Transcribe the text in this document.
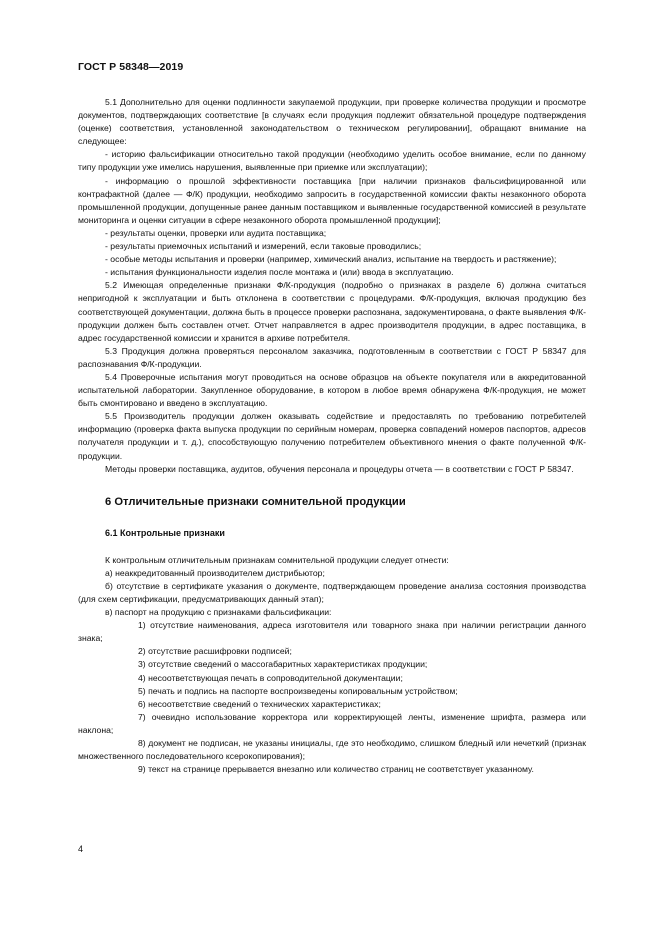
ГОСТ Р 58348—2019

5.1 Дополнительно для оценки подлинности закупаемой продукции, при проверке количества продукции и просмотре документов, подтверждающих соответствие [в случаях если продукция подлежит обязательной процедуре подтверждения (оценке) соответствия, установленной законодательством о техническом регулировании], обращают внимание на следующее:

- историю фальсификации относительно такой продукции (необходимо уделить особое внимание, если по данному типу продукции уже имелись нарушения, выявленные при приемке или эксплуатации);

- информацию о прошлой эффективности поставщика [при наличии признаков фальсифицированной или контрафактной (далее — Ф/К) продукции, необходимо запросить в государственной комиссии факты незаконного оборота промышленной продукции, допущенные ранее данным поставщиком и выявленные государственной комиссией в результате мониторинга и оценки ситуации в сфере незаконного оборота промышленной продукции];

- результаты оценки, проверки или аудита поставщика;

- результаты приемочных испытаний и измерений, если таковые проводились;

- особые методы испытания и проверки (например, химический анализ, испытание на твердость и растяжение);

- испытания функциональности изделия после монтажа и (или) ввода в эксплуатацию.

5.2 Имеющая определенные признаки Ф/К-продукция (подробно о признаках в разделе 6) должна считаться непригодной к эксплуатации и быть отклонена в соответствии с процедурами. Ф/К-продукция, включая продукцию без соответствующей документации, должна быть в процессе проверки распознана, задокументирована, о факте выявления Ф/К-продукции должен быть составлен отчет. Отчет направляется в адрес производителя продукции, в адрес поставщика, в адрес государственной комиссии и хранится в архиве потребителя.

5.3 Продукция должна проверяться персоналом заказчика, подготовленным в соответствии с ГОСТ Р 58347 для распознавания Ф/К-продукции.

5.4 Проверочные испытания могут проводиться на основе образцов на объекте покупателя или в аккредитованной испытательной лаборатории. Закупленное оборудование, в котором в любое время обнаружена Ф/К-продукция, не может быть смонтировано и введено в эксплуатацию.

5.5 Производитель продукции должен оказывать содействие и предоставлять по требованию потребителей информацию (проверка факта выпуска продукции по серийным номерам, проверка совпадений номеров паспортов, адресов получателя продукции и т. д.), способствующую получению потребителем объективного мнения о факте полученной Ф/К-продукции.

Методы проверки поставщика, аудитов, обучения персонала и процедуры отчета — в соответствии с ГОСТ Р 58347.

6 Отличительные признаки сомнительной продукции
6.1 Контрольные признаки

К контрольным отличительным признакам сомнительной продукции следует отнести:

а) неаккредитованный производителем дистрибьютор;

б) отсутствие в сертификате указания о документе, подтверждающем проведение анализа состояния производства (для схем сертификации, предусматривающих данный этап);

в) паспорт на продукцию с признаками фальсификации:

1) отсутствие наименования, адреса изготовителя или товарного знака при наличии регистрации данного знака;

2) отсутствие расшифровки подписей;

3) отсутствие сведений о массогабаритных характеристиках продукции;

4) несоответствующая печать в сопроводительной документации;

5) печать и подпись на паспорте воспроизведены копировальным устройством;

6) несоответствие сведений о технических характеристиках;

7) очевидно использование корректора или корректирующей ленты, изменение шрифта, размера или наклона;

8) документ не подписан, не указаны инициалы, где это необходимо, слишком бледный или нечеткий (признак множественного последовательного ксерокопирования);

9) текст на странице прерывается внезапно или количество страниц не соответствует указанному.

4
